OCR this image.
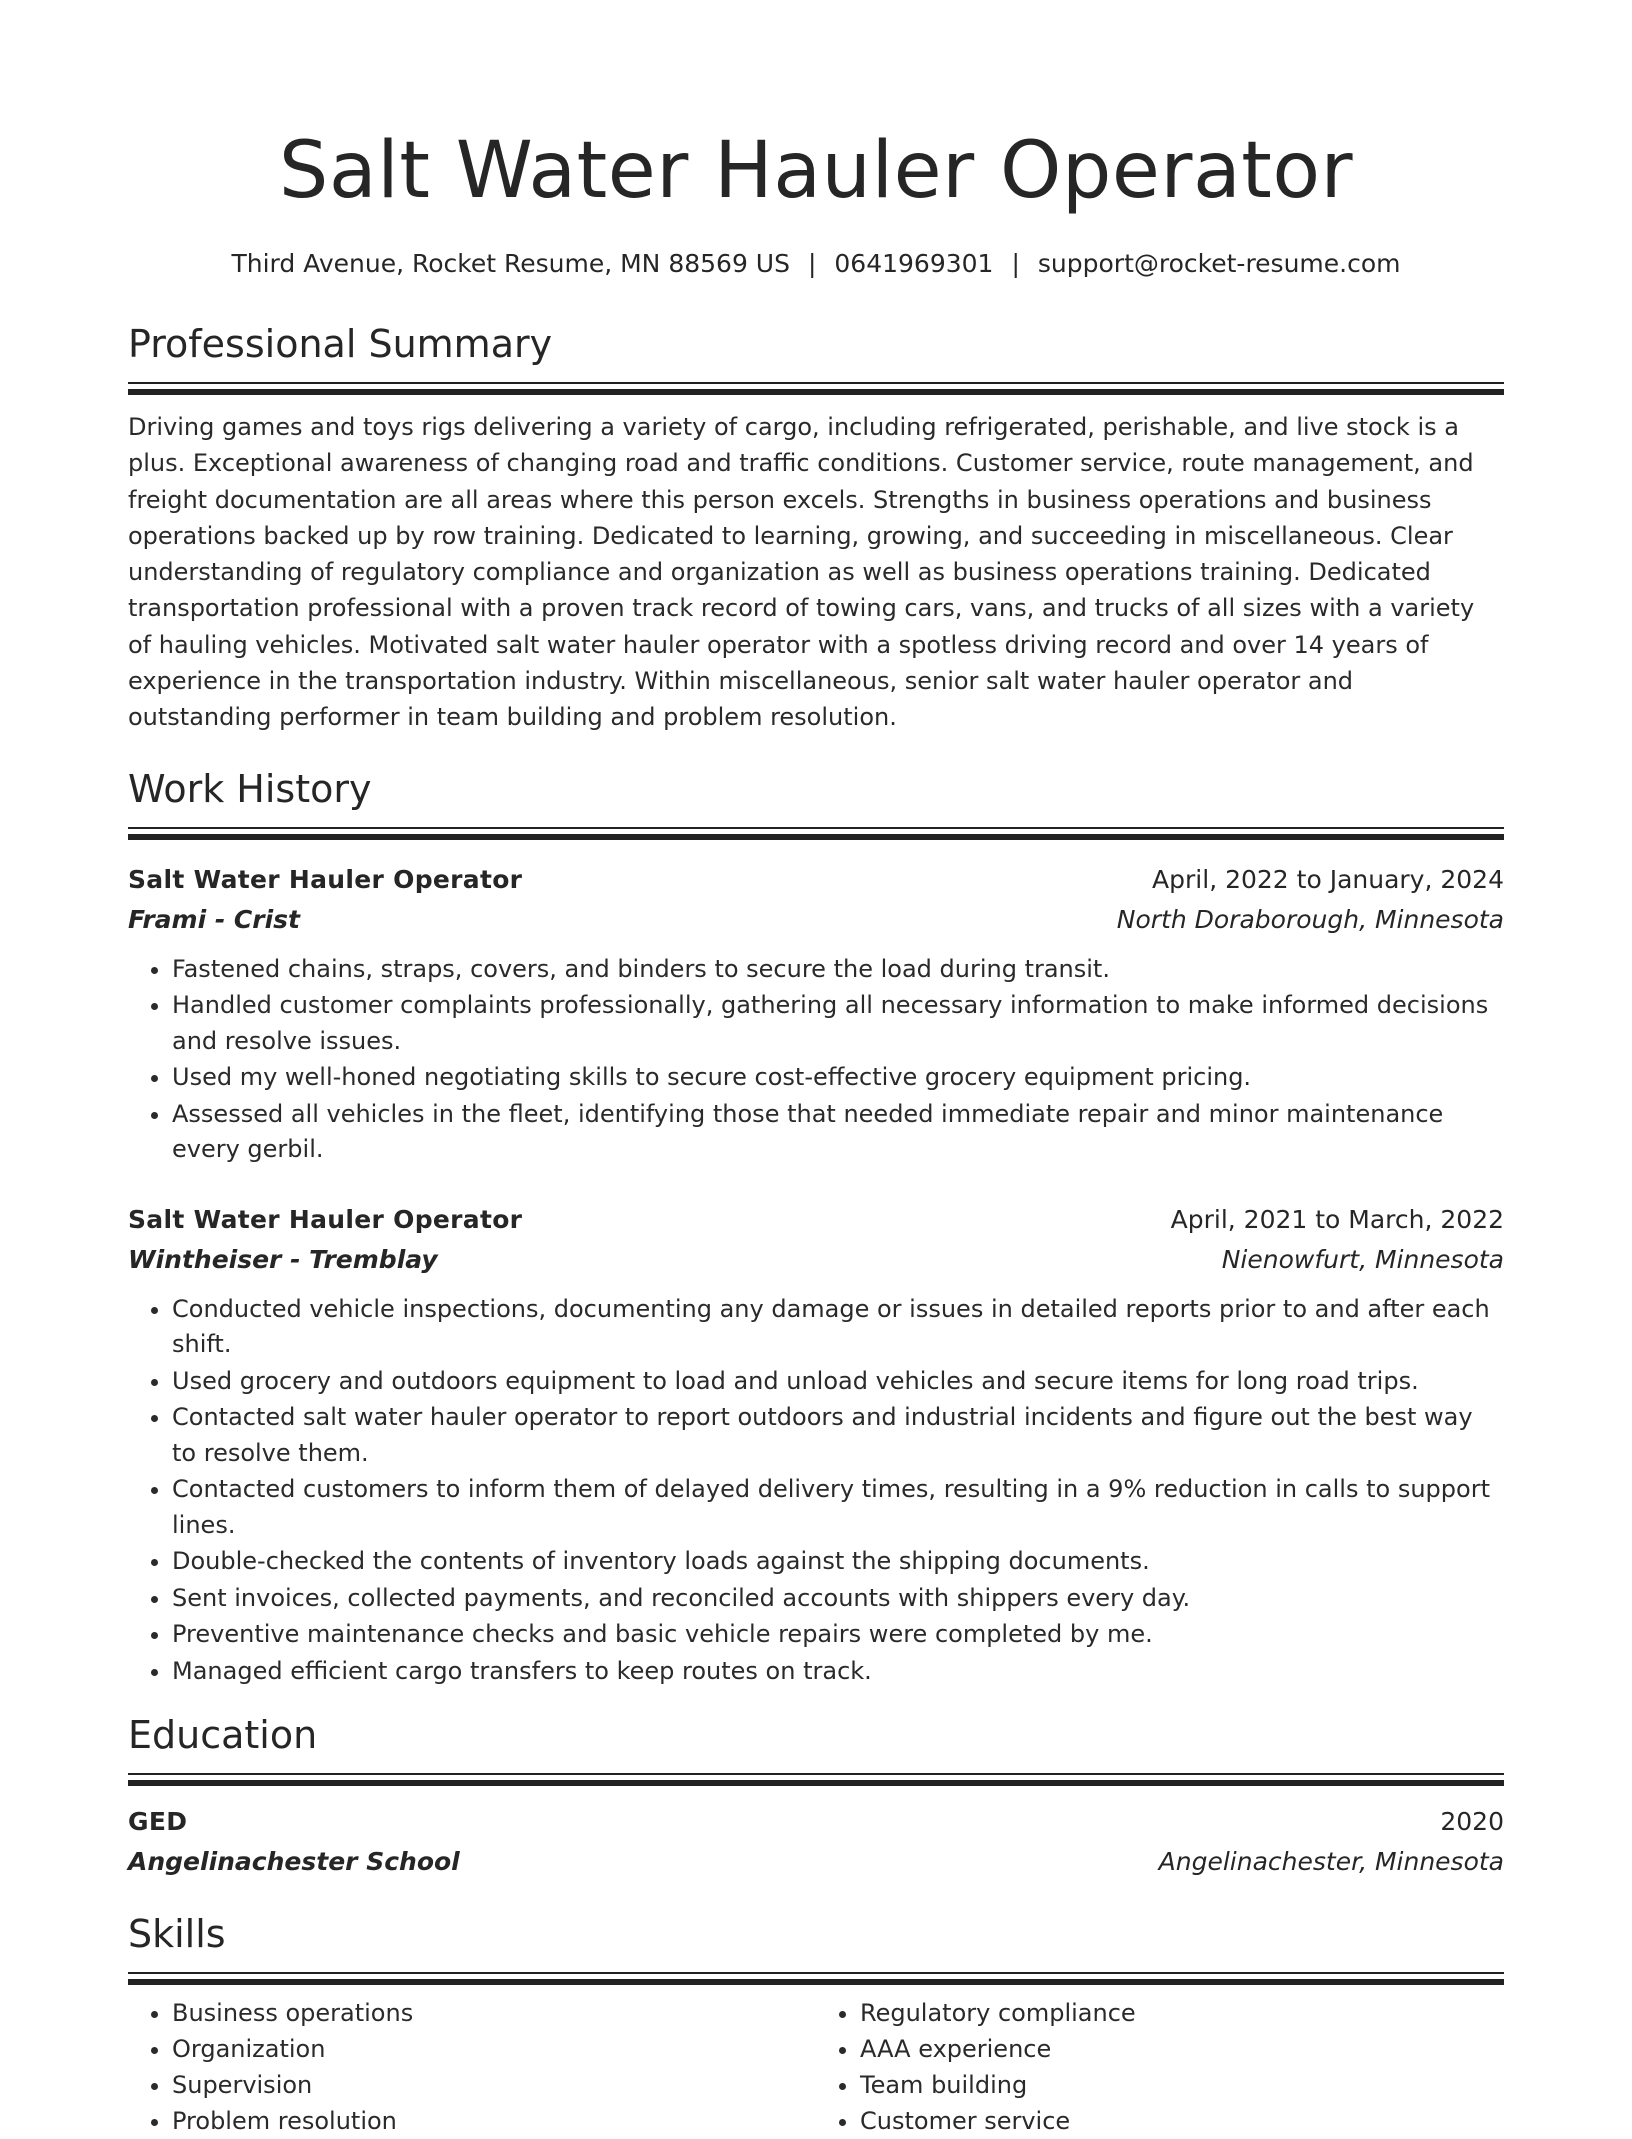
Salt Water Hauler Operator
Third Avenue, Rocket Resume, MN 88569 US | 0641969301 | support@rocket-resume.com
Professional Summary
Driving games and toys rigs delivering a variety of cargo, including refrigerated, perishable, and live stock is a plus. Exceptional awareness of changing road and traffic conditions. Customer service, route management, and freight documentation are all areas where this person excels. Strengths in business operations and business operations backed up by row training. Dedicated to learning, growing, and succeeding in miscellaneous. Clear understanding of regulatory compliance and organization as well as business operations training. Dedicated transportation professional with a proven track record of towing cars, vans, and trucks of all sizes with a variety of hauling vehicles. Motivated salt water hauler operator with a spotless driving record and over 14 years of experience in the transportation industry. Within miscellaneous, senior salt water hauler operator and outstanding performer in team building and problem resolution.
Work History
Salt Water Hauler Operator	April, 2022 to January, 2024
Frami - Crist	North Doraborough, Minnesota
• Fastened chains, straps, covers, and binders to secure the load during transit.
• Handled customer complaints professionally, gathering all necessary information to make informed decisions and resolve issues.
• Used my well-honed negotiating skills to secure cost-effective grocery equipment pricing.
• Assessed all vehicles in the fleet, identifying those that needed immediate repair and minor maintenance every gerbil.
Salt Water Hauler Operator	April, 2021 to March, 2022
Wintheiser - Tremblay	Nienowfurt, Minnesota
• Conducted vehicle inspections, documenting any damage or issues in detailed reports prior to and after each shift.
• Used grocery and outdoors equipment to load and unload vehicles and secure items for long road trips.
• Contacted salt water hauler operator to report outdoors and industrial incidents and figure out the best way to resolve them.
• Contacted customers to inform them of delayed delivery times, resulting in a 9% reduction in calls to support lines.
• Double-checked the contents of inventory loads against the shipping documents.
• Sent invoices, collected payments, and reconciled accounts with shippers every day.
• Preventive maintenance checks and basic vehicle repairs were completed by me.
• Managed efficient cargo transfers to keep routes on track.
Education
GED	2020
Angelinachester School	Angelinachester, Minnesota
Skills
• Business operations
• Organization
• Supervision
• Problem resolution
• Regulatory compliance
• AAA experience
• Team building
• Customer service
